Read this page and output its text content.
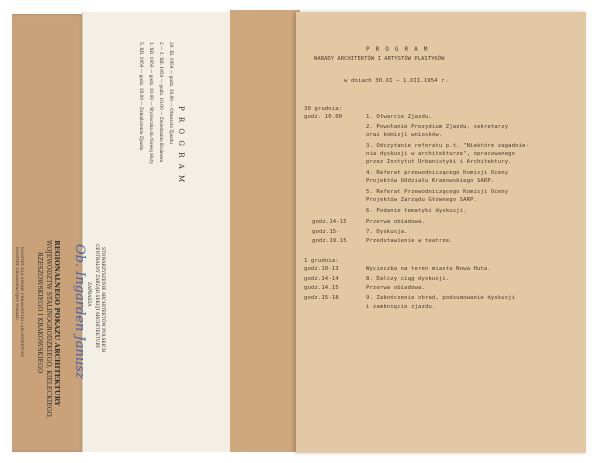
P R O G R A M
20. XI. 1954 — godz. 10.00 — Otwarcie Zjazdu
2 — 1. XII. 1954 — godz. 10.00 — Zwiedzanie Krakowa
1. XII. 1954 — godz. 10.00 — Wycieczka do Nowej Huty
5. XII. 1954 — godz. 18.00 — Zakończenie Zjazdu
STOWARZYSZENIE ARCHITEKTÓW POLSKICH
CENTRALNY ZARZĄD SEKCJI ARCHITEKTURY
ZAPRASZA
Ob. Ingarden Janusz
REGIONALNEGO POKAZU ARCHITEKTURY
WOJEWÓDZTW STALINOGRODZKIEGO, KIELECKIEGO,
RZESZOWSKIEGO I KRAKOWSKIEGO
KOMITET DLA SPRAW URBANISTYKI I ARCHITEKTURY
KOMITET ORGANIZACYJNY POKAZU
P R O G R A M
NARADY ARCHITEKTÓW I ARTYSTÓW PLASTYKÓW
w dniach 30.XI — 1.XII.1954 r.
30 grudnia:
godz. 10.00	1. Otwarcie Zjazdu.
2. Powołanie Prezydium Zjazdu, sekretarzy
oraz komisji wniosków.
3. Odczytanie referatu p.t. "Niektóre zagadnie-
nia dyskusji w architekturze", opracowanego
przez Instytut Urbanistyki i Architektury.
4. Referat przewodniczącego Komisji Oceny
Projektów Oddziału Krakowskiego SARP.
5. Referat Przewodniczącego Komisji Oceny
Projektów Zarządu Głównego SARP.
6. Podanie tematyki dyskusji.
godz.14-15
godz.15-
godz.19.15
7. Dyskusja.
Przerwa obiadowa.
Przedstawienie w teatrze.
1 grudnia:
godz.10-13
godz.14-14
godz.14.15
godz.15-18
Wycieczka na teren miasta Nowa Huta.
8. Dalszy ciąg dyskusji.
Przerwa obiadowa.
9. Zakończenie obrad, podsumowanie dyskusji
i zamknięcie zjazdu.
